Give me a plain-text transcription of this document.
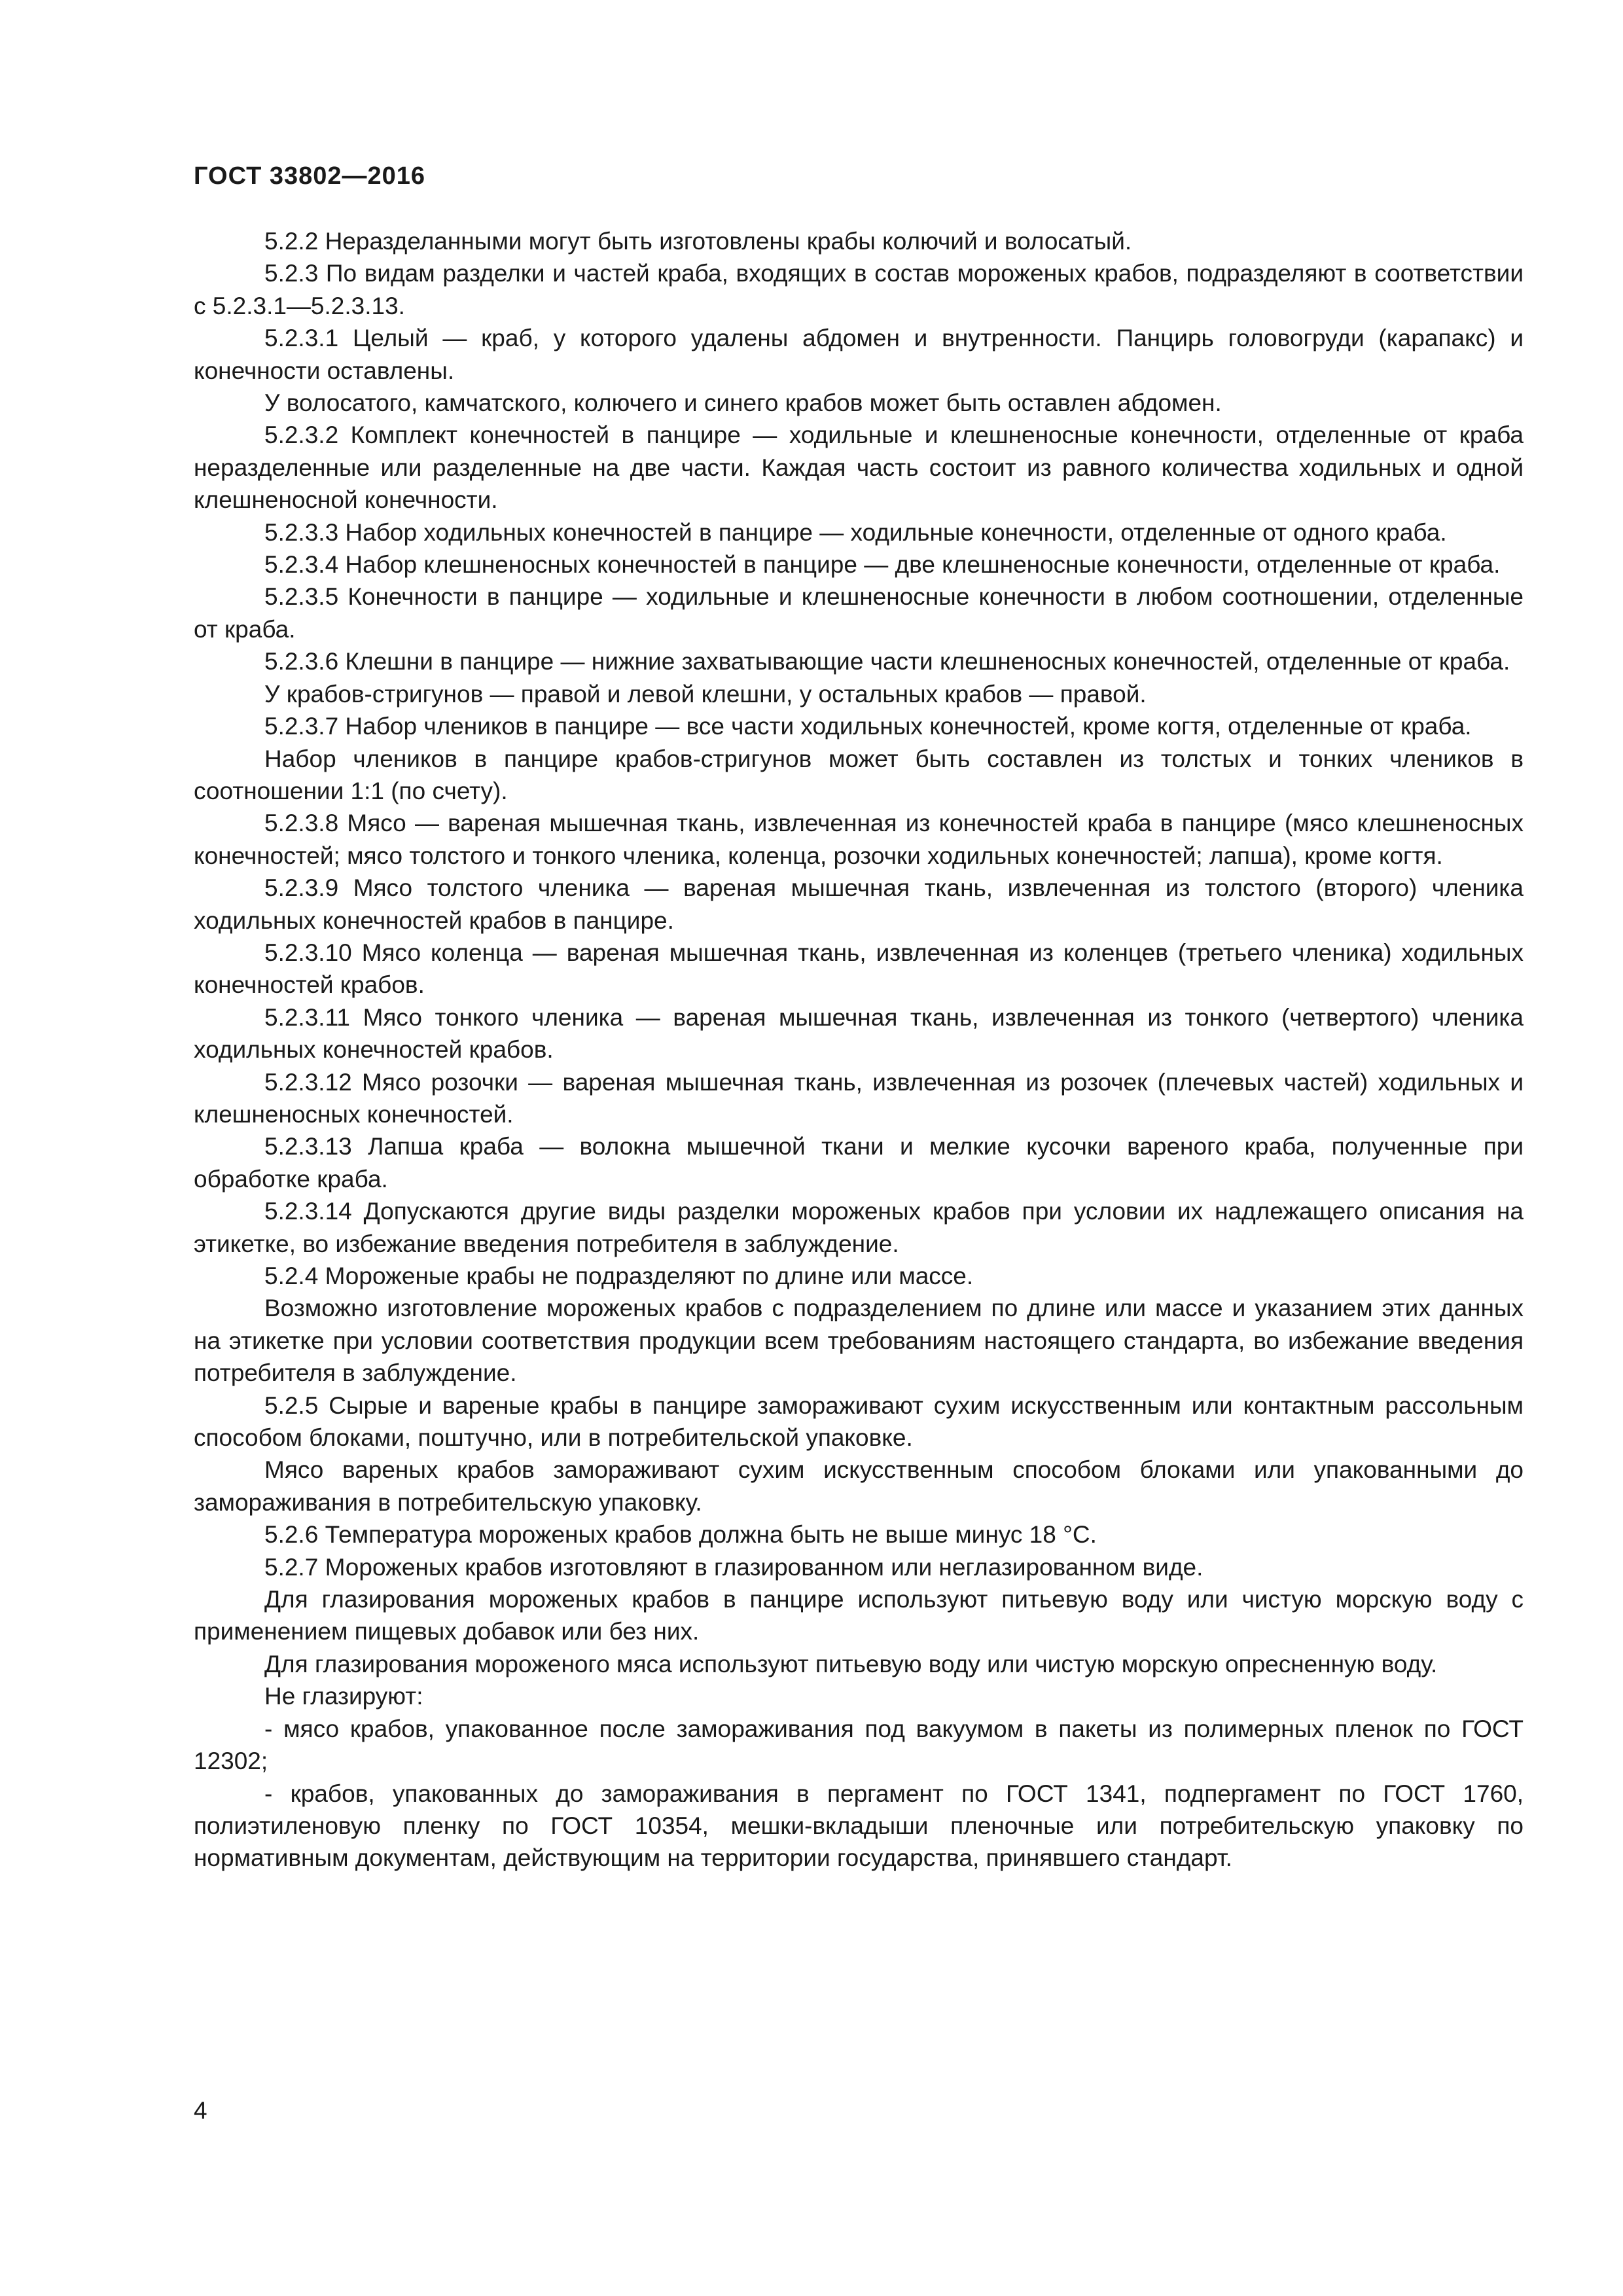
ГОСТ 33802—2016

5.2.2 Неразделанными могут быть изготовлены крабы колючий и волосатый.

5.2.3 По видам разделки и частей краба, входящих в состав мороженых крабов, подразделяют в соответствии с 5.2.3.1—5.2.3.13.

5.2.3.1 Целый — краб, у которого удалены абдомен и внутренности. Панцирь головогруди (карапакс) и конечности оставлены.

У волосатого, камчатского, колючего и синего крабов может быть оставлен абдомен.

5.2.3.2 Комплект конечностей в панцире — ходильные и клешненосные конечности, отделенные от краба неразделенные или разделенные на две части. Каждая часть состоит из равного количества ходильных и одной клешненосной конечности.

5.2.3.3 Набор ходильных конечностей в панцире — ходильные конечности, отделенные от одного краба.

5.2.3.4 Набор клешненосных конечностей в панцире — две клешненосные конечности, отделенные от краба.

5.2.3.5 Конечности в панцире — ходильные и клешненосные конечности в любом соотношении, отделенные от краба.

5.2.3.6 Клешни в панцире — нижние захватывающие части клешненосных конечностей, отделенные от краба.

У крабов-стригунов — правой и левой клешни, у остальных крабов — правой.

5.2.3.7 Набор члеников в панцире — все части ходильных конечностей, кроме когтя, отделенные от краба.

Набор члеников в панцире крабов-стригунов может быть составлен из толстых и тонких члеников в соотношении 1:1 (по счету).

5.2.3.8 Мясо — вареная мышечная ткань, извлеченная из конечностей краба в панцире (мясо клешненосных конечностей; мясо толстого и тонкого членика, коленца, розочки ходильных конечностей; лапша), кроме когтя.

5.2.3.9 Мясо толстого членика — вареная мышечная ткань, извлеченная из толстого (второго) членика ходильных конечностей крабов в панцире.

5.2.3.10 Мясо коленца — вареная мышечная ткань, извлеченная из коленцев (третьего членика) ходильных конечностей крабов.

5.2.3.11 Мясо тонкого членика — вареная мышечная ткань, извлеченная из тонкого (четвертого) членика ходильных конечностей крабов.

5.2.3.12 Мясо розочки — вареная мышечная ткань, извлеченная из розочек (плечевых частей) ходильных и клешненосных конечностей.

5.2.3.13 Лапша краба — волокна мышечной ткани и мелкие кусочки вареного краба, полученные при обработке краба.

5.2.3.14 Допускаются другие виды разделки мороженых крабов при условии их надлежащего описания на этикетке, во избежание введения потребителя в заблуждение.

5.2.4 Мороженые крабы не подразделяют по длине или массе.

Возможно изготовление мороженых крабов с подразделением по длине или массе и указанием этих данных на этикетке при условии соответствия продукции всем требованиям настоящего стандарта, во избежание введения потребителя в заблуждение.

5.2.5 Сырые и вареные крабы в панцире замораживают сухим искусственным или контактным рассольным способом блоками, поштучно, или в потребительской упаковке.

Мясо вареных крабов замораживают сухим искусственным способом блоками или упакованными до замораживания в потребительскую упаковку.

5.2.6 Температура мороженых крабов должна быть не выше минус 18 °С.

5.2.7 Мороженых крабов изготовляют в глазированном или неглазированном виде.

Для глазирования мороженых крабов в панцире используют питьевую воду или чистую морскую воду с применением пищевых добавок или без них.

Для глазирования мороженого мяса используют питьевую воду или чистую морскую опресненную воду.

Не глазируют:

- мясо крабов, упакованное после замораживания под вакуумом в пакеты из полимерных пленок по ГОСТ 12302;

- крабов, упакованных до замораживания в пергамент по ГОСТ 1341, подпергамент по ГОСТ 1760, полиэтиленовую пленку по ГОСТ 10354, мешки-вкладыши пленочные или потребительскую упаковку по нормативным документам, действующим на территории государства, принявшего стандарт.

4
